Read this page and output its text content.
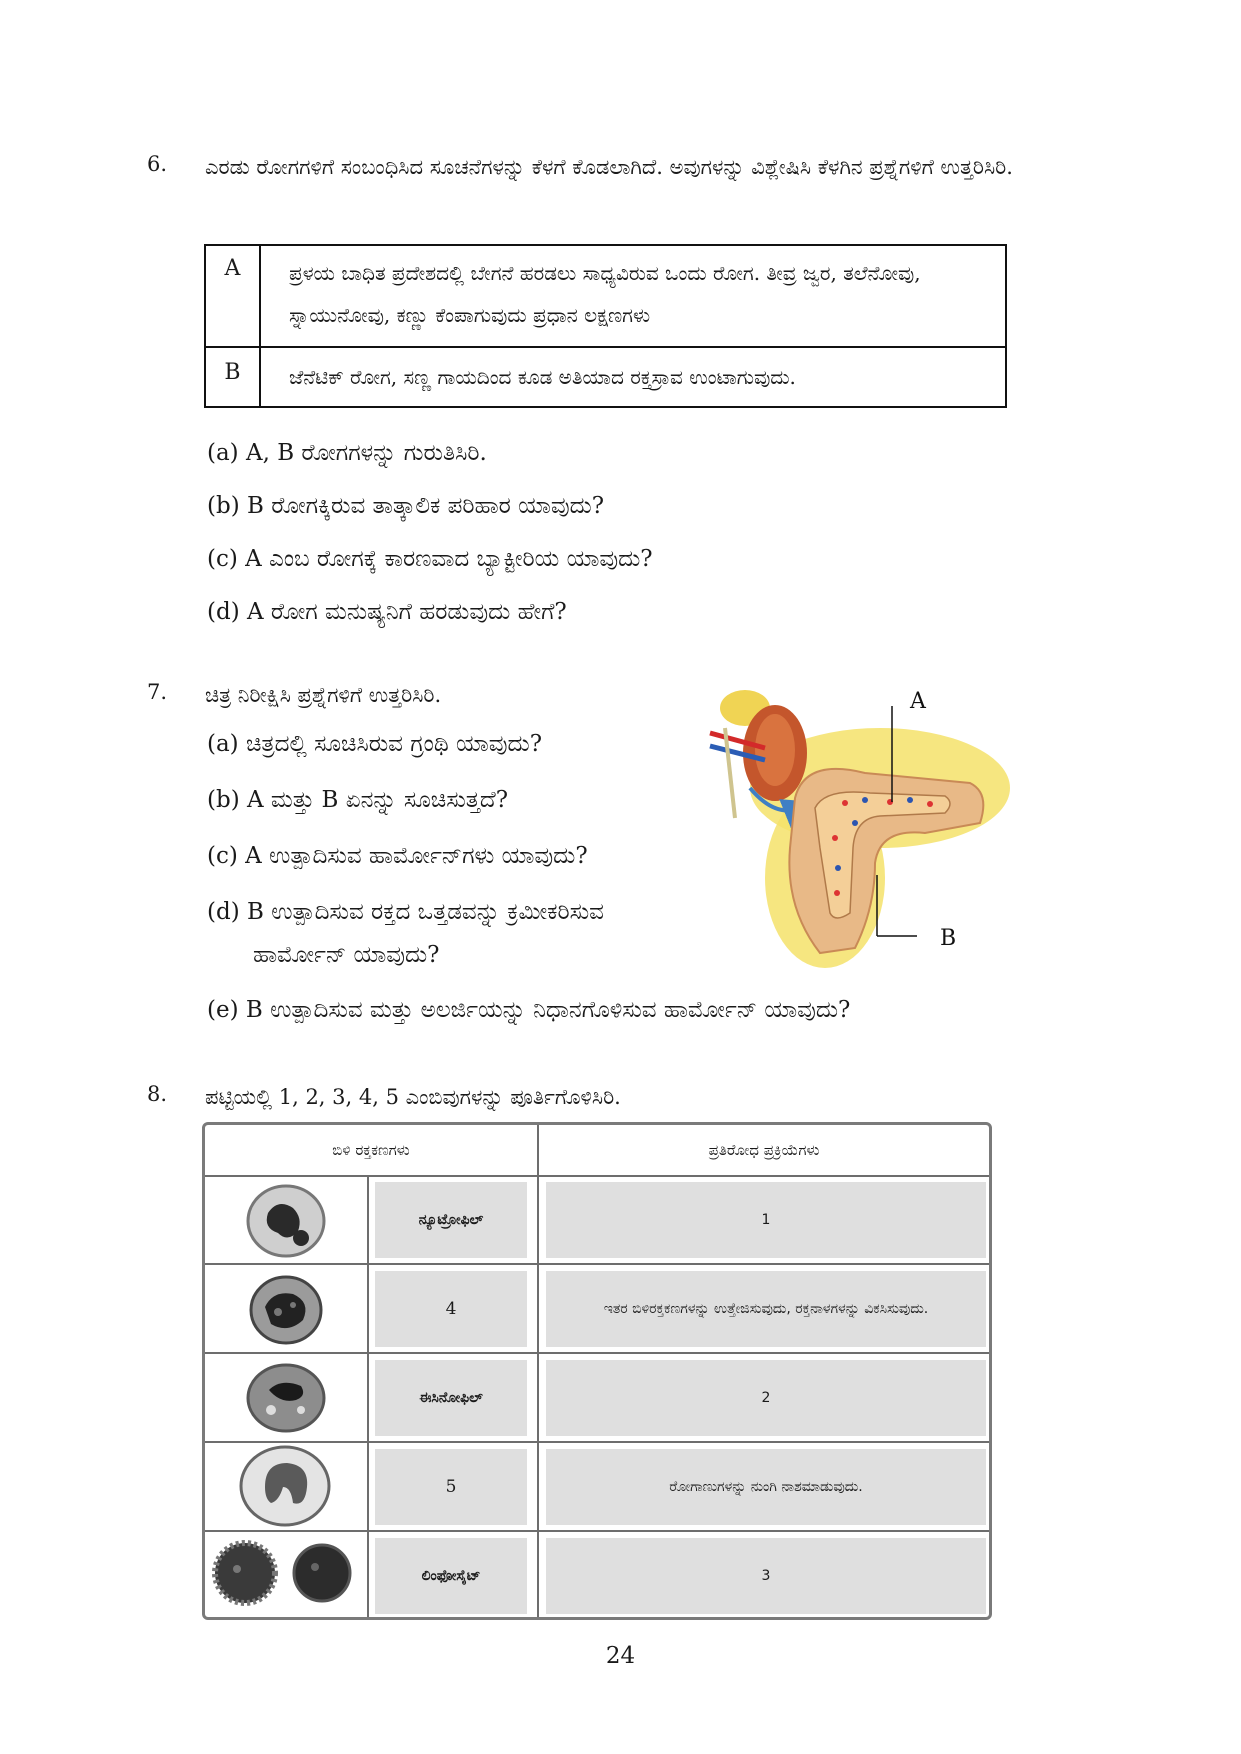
6. ಎರಡು ರೋಗಗಳಿಗೆ ಸಂಬಂಧಿಸಿದ ಸೂಚನೆಗಳನ್ನು ಕೆಳಗೆ ಕೊಡಲಾಗಿದೆ. ಅವುಗಳನ್ನು ವಿಶ್ಲೇಷಿಸಿ ಕೆಳಗಿನ ಪ್ರಶ್ನೆಗಳಿಗೆ ಉತ್ತರಿಸಿರಿ.
A	ಪ್ರಳಯ ಬಾಧಿತ ಪ್ರದೇಶದಲ್ಲಿ ಬೇಗನೆ ಹರಡಲು ಸಾಧ್ಯವಿರುವ ಒಂದು ರೋಗ. ತೀವ್ರ ಜ್ವರ, ತಲೆನೋವು, ಸ್ನಾಯುನೋವು, ಕಣ್ಣು ಕೆಂಪಾಗುವುದು ಪ್ರಧಾನ ಲಕ್ಷಣಗಳು
B	ಜೆನೆಟಿಕ್ ರೋಗ, ಸಣ್ಣ ಗಾಯದಿಂದ ಕೂಡ ಅತಿಯಾದ ರಕ್ತಸ್ರಾವ ಉಂಟಾಗುವುದು.
(a) A, B ರೋಗಗಳನ್ನು ಗುರುತಿಸಿರಿ.
(b) B ರೋಗಕ್ಕಿರುವ ತಾತ್ಕಾಲಿಕ ಪರಿಹಾರ ಯಾವುದು?
(c) A ಎಂಬ ರೋಗಕ್ಕೆ ಕಾರಣವಾದ ಬ್ಯಾಕ್ಟೀರಿಯ ಯಾವುದು?
(d) A ರೋಗ ಮನುಷ್ಯನಿಗೆ ಹರಡುವುದು ಹೇಗೆ?
7. ಚಿತ್ರ ನಿರೀಕ್ಷಿಸಿ ಪ್ರಶ್ನೆಗಳಿಗೆ ಉತ್ತರಿಸಿರಿ.
(a) ಚಿತ್ರದಲ್ಲಿ ಸೂಚಿಸಿರುವ ಗ್ರಂಥಿ ಯಾವುದು?
(b) A ಮತ್ತು B ಏನನ್ನು ಸೂಚಿಸುತ್ತದೆ?
(c) A ಉತ್ಪಾದಿಸುವ ಹಾರ್ಮೋನ್‌ಗಳು ಯಾವುದು?
(d) B ಉತ್ಪಾದಿಸುವ ರಕ್ತದ ಒತ್ತಡವನ್ನು ಕ್ರಮೀಕರಿಸುವ
ಹಾರ್ಮೋನ್ ಯಾವುದು?
(e) B ಉತ್ಪಾದಿಸುವ ಮತ್ತು ಅಲರ್ಜಿಯನ್ನು ನಿಧಾನಗೊಳಿಸುವ ಹಾರ್ಮೋನ್ ಯಾವುದು?
A
B
8. ಪಟ್ಟಿಯಲ್ಲಿ 1, 2, 3, 4, 5 ಎಂಬಿವುಗಳನ್ನು ಪೂರ್ತಿಗೊಳಿಸಿರಿ.
ಬಿಳಿ ರಕ್ತಕಣಗಳು	ಪ್ರತಿರೋಧ ಪ್ರಕ್ರಿಯೆಗಳು
ನ್ಯೂಟ್ರೋಫಿಲ್	1
4	ಇತರ ಬಿಳಿರಕ್ತಕಣಗಳನ್ನು ಉತ್ತೇಜಿಸುವುದು, ರಕ್ತನಾಳಗಳನ್ನು ವಿಕಸಿಸುವುದು.
ಈಸಿನೋಫಿಲ್	2
5	ರೋಗಾಣುಗಳನ್ನು ನುಂಗಿ ನಾಶಮಾಡುವುದು.
ಲಿಂಫೋಸೈಟ್	3
24
